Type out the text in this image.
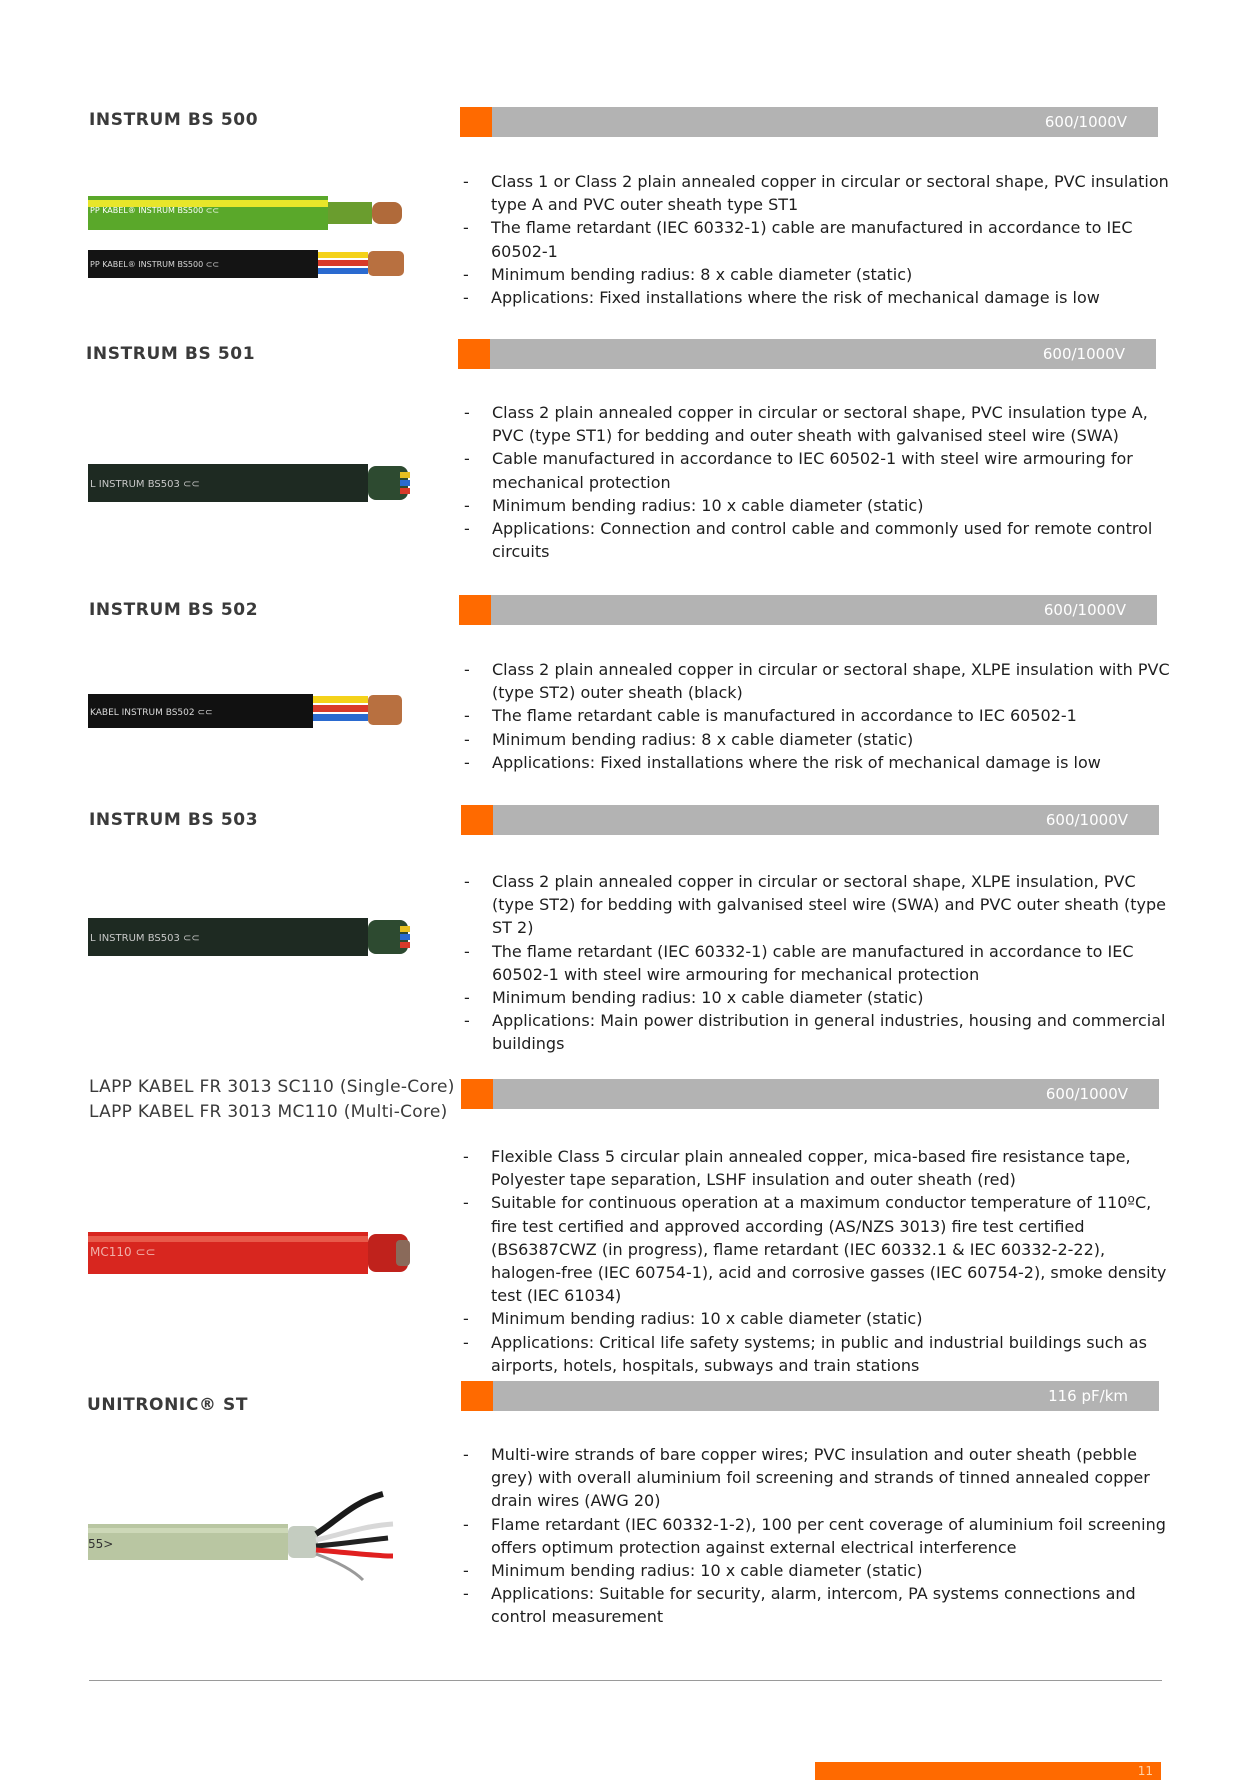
INSTRUM BS 500	600/1000V
PP KABEL® INSTRUM BS500 ⊂⊂
PP KABEL® INSTRUM BS500 ⊂⊂
- Class 1 or Class 2 plain annealed copper in circular or sectoral shape, PVC insulation type A and PVC outer sheath type ST1
- The flame retardant (IEC 60332-1) cable are manufactured in accordance to IEC 60502-1
- Minimum bending radius: 8 x cable diameter (static)
- Applications: Fixed installations where the risk of mechanical damage is low
INSTRUM BS 501	600/1000V
L INSTRUM BS503 ⊂⊂
- Class 2 plain annealed copper in circular or sectoral shape, PVC insulation type A, PVC (type ST1) for bedding and outer sheath with galvanised steel wire (SWA)
- Cable manufactured in accordance to IEC 60502-1 with steel wire armouring for mechanical protection
- Minimum bending radius: 10 x cable diameter (static)
- Applications: Connection and control cable and commonly used for remote control circuits
INSTRUM BS 502	600/1000V
KABEL INSTRUM BS502 ⊂⊂
- Class 2 plain annealed copper in circular or sectoral shape, XLPE insulation with PVC (type ST2) outer sheath (black)
- The flame retardant cable is manufactured in accordance to IEC 60502-1
- Minimum bending radius: 8 x cable diameter (static)
- Applications: Fixed installations where the risk of mechanical damage is low
INSTRUM BS 503	600/1000V
L INSTRUM BS503 ⊂⊂
- Class 2 plain annealed copper in circular or sectoral shape, XLPE insulation, PVC (type ST2) for bedding with galvanised steel wire (SWA) and PVC outer sheath (type ST 2)
- The flame retardant (IEC 60332-1) cable are manufactured in accordance to IEC 60502-1 with steel wire armouring for mechanical protection
- Minimum bending radius: 10 x cable diameter (static)
- Applications: Main power distribution in general industries, housing and commercial buildings
LAPP KABEL FR 3013 SC110 (Single-Core)
LAPP KABEL FR 3013 MC110 (Multi-Core)
600/1000V
MC110 ⊂⊂
- Flexible Class 5 circular plain annealed copper, mica-based fire resistance tape, Polyester tape separation, LSHF insulation and outer sheath (red)
- Suitable for continuous operation at a maximum conductor temperature of 110ºC, fire test certified and approved according (AS/NZS 3013) fire test certified (BS6387CWZ (in progress), flame retardant (IEC 60332.1 & IEC 60332-2-22), halogen-free (IEC 60754-1), acid and corrosive gasses (IEC 60754-2), smoke density test (IEC 61034)
- Minimum bending radius: 10 x cable diameter (static)
- Applications: Critical life safety systems; in public and industrial buildings such as airports, hotels, hospitals, subways and train stations
UNITRONIC® ST	116 pF/km
55>
- Multi-wire strands of bare copper wires; PVC insulation and outer sheath (pebble grey) with overall aluminium foil screening and strands of tinned annealed copper drain wires (AWG 20)
- Flame retardant (IEC 60332-1-2), 100 per cent coverage of aluminium foil screening offers optimum protection against external electrical interference
- Minimum bending radius: 10 x cable diameter (static)
- Applications: Suitable for security, alarm, intercom, PA systems connections and control measurement
11
